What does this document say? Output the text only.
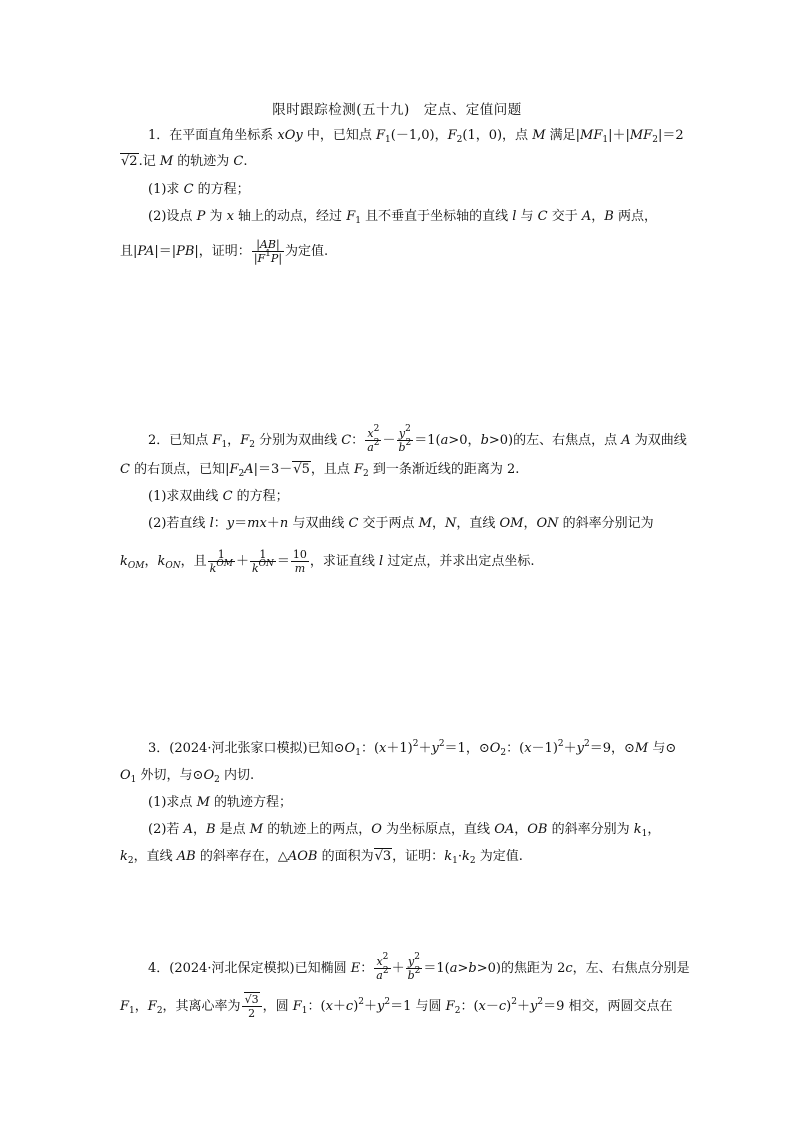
限时跟踪检测(五十九)　定点、定值问题
1．在平面直角坐标系 xOy 中，已知点 $F_1(-1,0)$，$F_2(1$，0)，点 M 满足$|MF_1|+|MF_2|=2$
√2.记 M 的轨迹为 C.
(1)求 C 的方程；
(2)设点 P 为 x 轴上的动点，经过 $F_1$ 且不垂直于坐标轴的直线 l 与 C 交于 A，B 两点，
且|PA|＝|PB|，证明： $\frac{|AB|}{|F^1P|}$ 为定值.
2．已知点 $F_1$，$F_2$ 分别为双曲线 C： $\frac{x^2}{a^2} - \frac{y^2}{b^2} =1(a>0$，b>0)的左、右焦点，点 A 为双曲线
C 的右顶点，已知$|F_2A|=3-√5$，且点 $F_2$ 到一条渐近线的距离为 2.
(1)求双曲线 C 的方程；
(2)若直线 l：y＝mx＋n 与双曲线 C 交于两点 M，N，直线 OM，ON 的斜率分别记为
$k_{OM}$，$k_{ON}$，且 $\frac{1}{k^{OM}} + \frac{1}{k^{ON}} = \frac{10}{m}$ ，求证直线 l 过定点，并求出定点坐标.
3．(2024·河北张家口模拟)已知$⊙O_1$：$(x+1)^2+y^2=1$，$⊙O_2$：$(x-1)^2+y^2=9$，⊙M 与⊙
$O_1$ 外切，与$⊙O_2$ 内切.
(1)求点 M 的轨迹方程；
(2)若 A，B 是点 M 的轨迹上的两点，O 为坐标原点，直线 OA，OB 的斜率分别为 $k_1$，
$k_2$，直线 AB 的斜率存在，△AOB 的面积为√3，证明：$k_1\cdot k_2$ 为定值.
4．(2024·河北保定模拟)已知椭圆 E： $\frac{x^2}{a^2} + \frac{y^2}{b^2} =1(a>b>0)$的焦距为 2c，左、右焦点分别是
$F_1$，$F_2$，其离心率为 $\frac{√3}{2}$ ，圆 $F_1$：$(x+c)^2+y^2=1$ 与圆 $F_2$：$(x-c)^2+y^2=9$ 相交，两圆交点在
